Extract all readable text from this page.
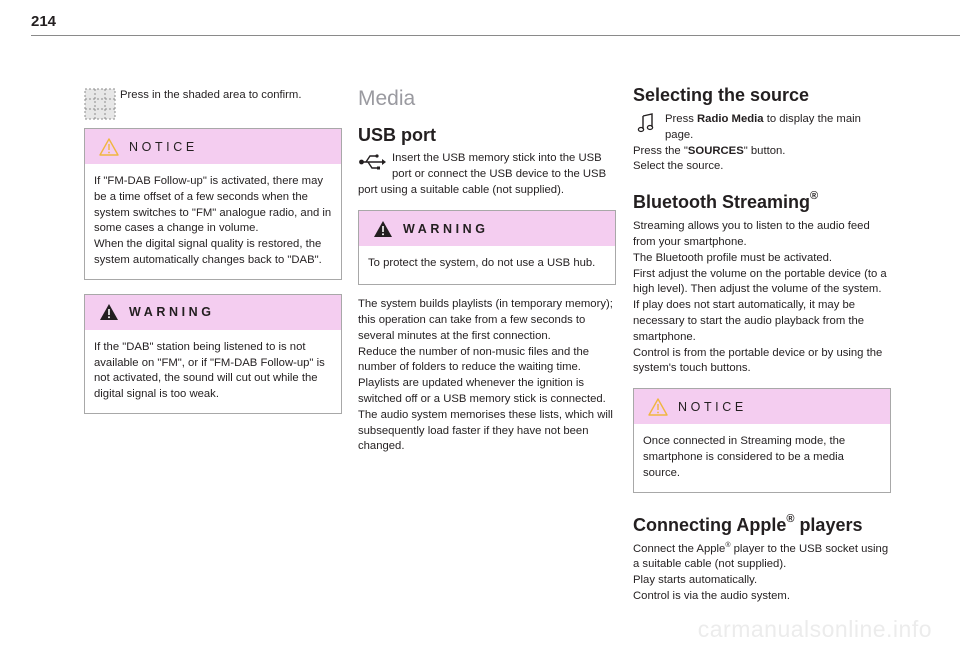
214

Press in the shaded area to confirm.

NOTICE

If "FM-DAB Follow-up" is activated, there may be a time offset of a few seconds when the system switches to "FM" analogue radio, and in some cases a change in volume.
When the digital signal quality is restored, the system automatically changes back to "DAB".

WARNING

If the "DAB" station being listened to is not available on "FM", or if "FM-DAB Follow-up" is not activated, the sound will cut out while the digital signal is too weak.

Media
USB port

Insert the USB memory stick into the USB port or connect the USB device to the USB port using a suitable cable (not supplied).

WARNING

To protect the system, do not use a USB hub.

The system builds playlists (in temporary memory); this operation can take from a few seconds to several minutes at the first connection.
Reduce the number of non-music files and the number of folders to reduce the waiting time.
Playlists are updated whenever the ignition is switched off or a USB memory stick is connected. The audio system memorises these lists, which will subsequently load faster if they have not been changed.

Selecting the source

Press Radio Media to display the main page.

Press the "SOURCES" button.

Select the source.

Bluetooth Streaming®

Streaming allows you to listen to the audio feed from your smartphone.
The Bluetooth profile must be activated.
First adjust the volume on the portable device (to a high level). Then adjust the volume of the system.
If play does not start automatically, it may be necessary to start the audio playback from the smartphone.
Control is from the portable device or by using the system's touch buttons.

NOTICE

Once connected in Streaming mode, the smartphone is considered to be a media source.

Connecting Apple® players

Connect the Apple® player to the USB socket using a suitable cable (not supplied).

Play starts automatically.
Control is via the audio system.

carmanualsonline.info
